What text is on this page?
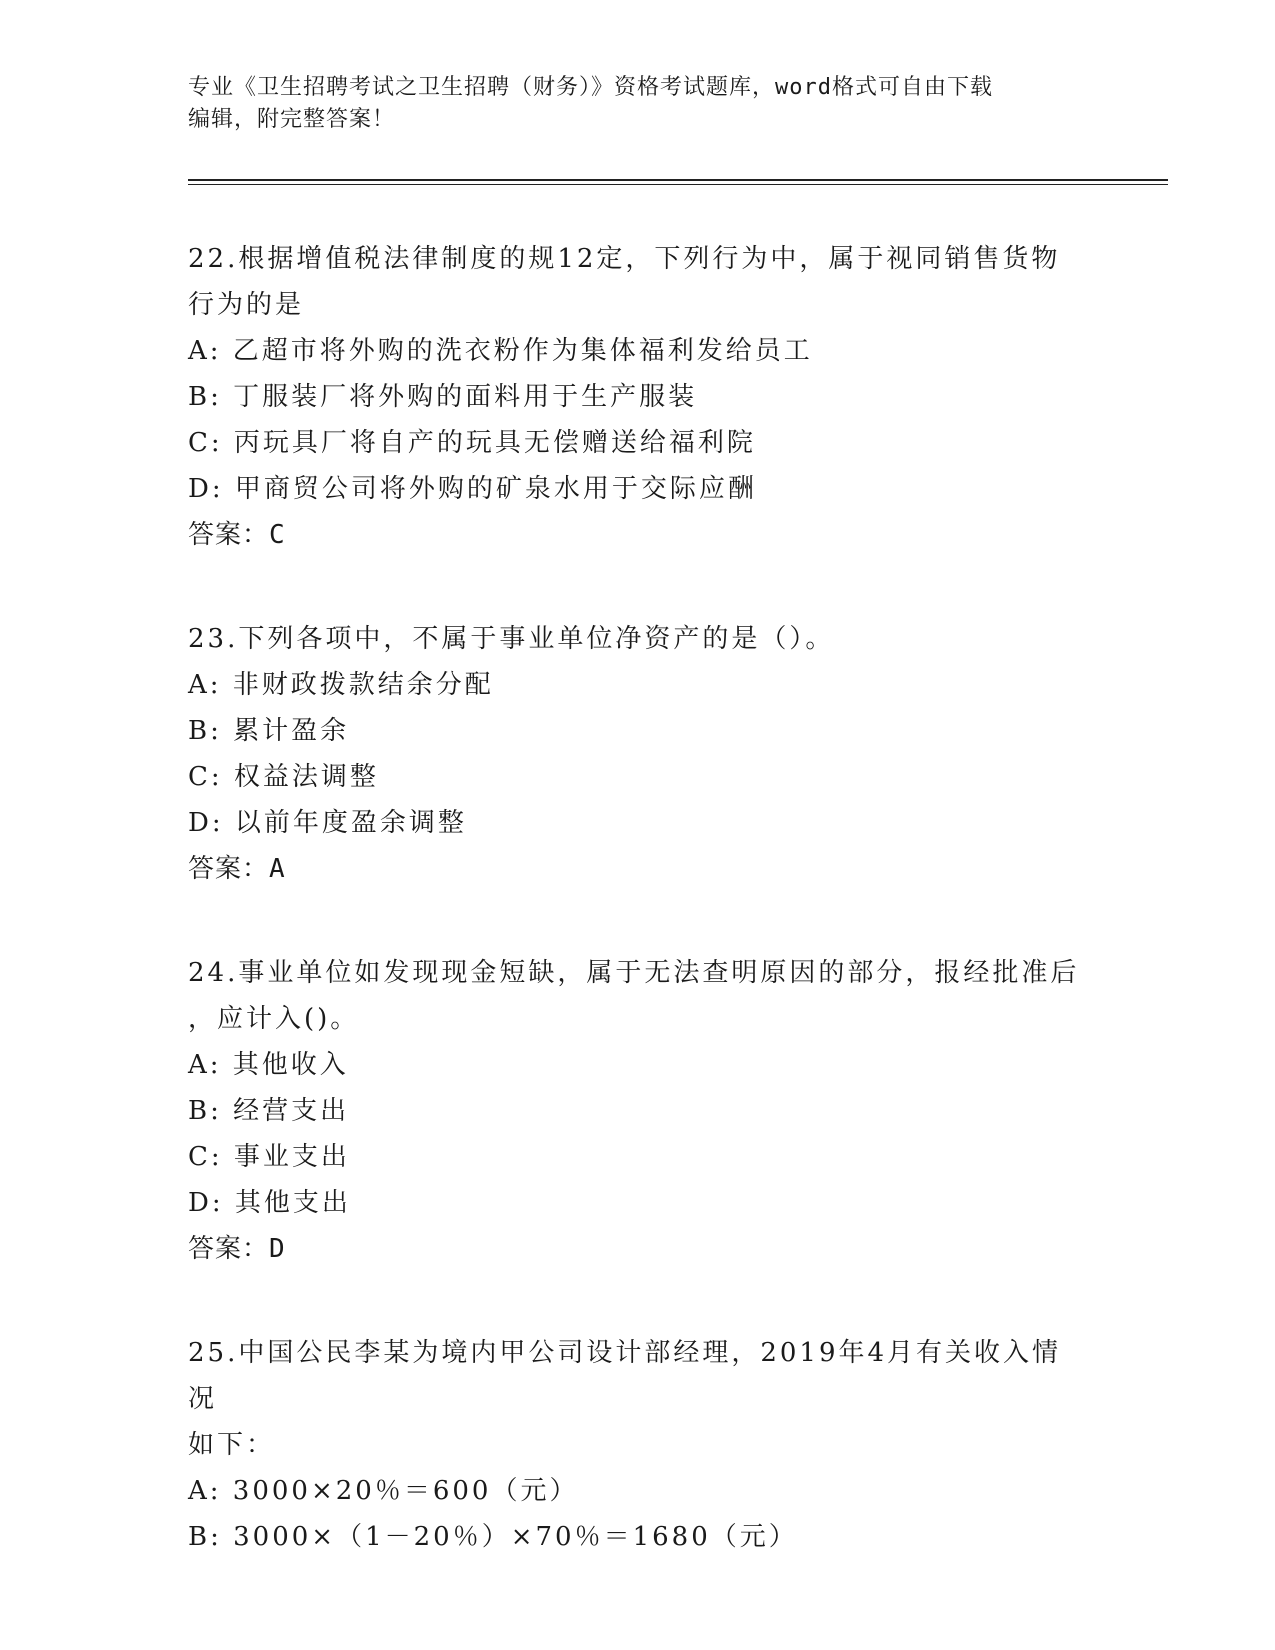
专业《卫生招聘考试之卫生招聘（财务）》资格考试题库，word格式可自由下载
编辑，附完整答案！
22.根据增值税法律制度的规12定，下列行为中，属于视同销售货物
行为的是
A: 乙超市将外购的洗衣粉作为集体福利发给员工
B: 丁服装厂将外购的面料用于生产服装
C: 丙玩具厂将自产的玩具无偿赠送给福利院
D: 甲商贸公司将外购的矿泉水用于交际应酬
答案：C
23.下列各项中，不属于事业单位净资产的是（）。
A: 非财政拨款结余分配
B: 累计盈余
C: 权益法调整
D: 以前年度盈余调整
答案：A
24.事业单位如发现现金短缺，属于无法查明原因的部分，报经批准后
，应计入()。
A: 其他收入
B: 经营支出
C: 事业支出
D: 其他支出
答案：D
25.中国公民李某为境内甲公司设计部经理，2019年4月有关收入情况
如下：
A: 3000×20％＝600（元）
B: 3000×（1－20％）×70％＝1680（元）
